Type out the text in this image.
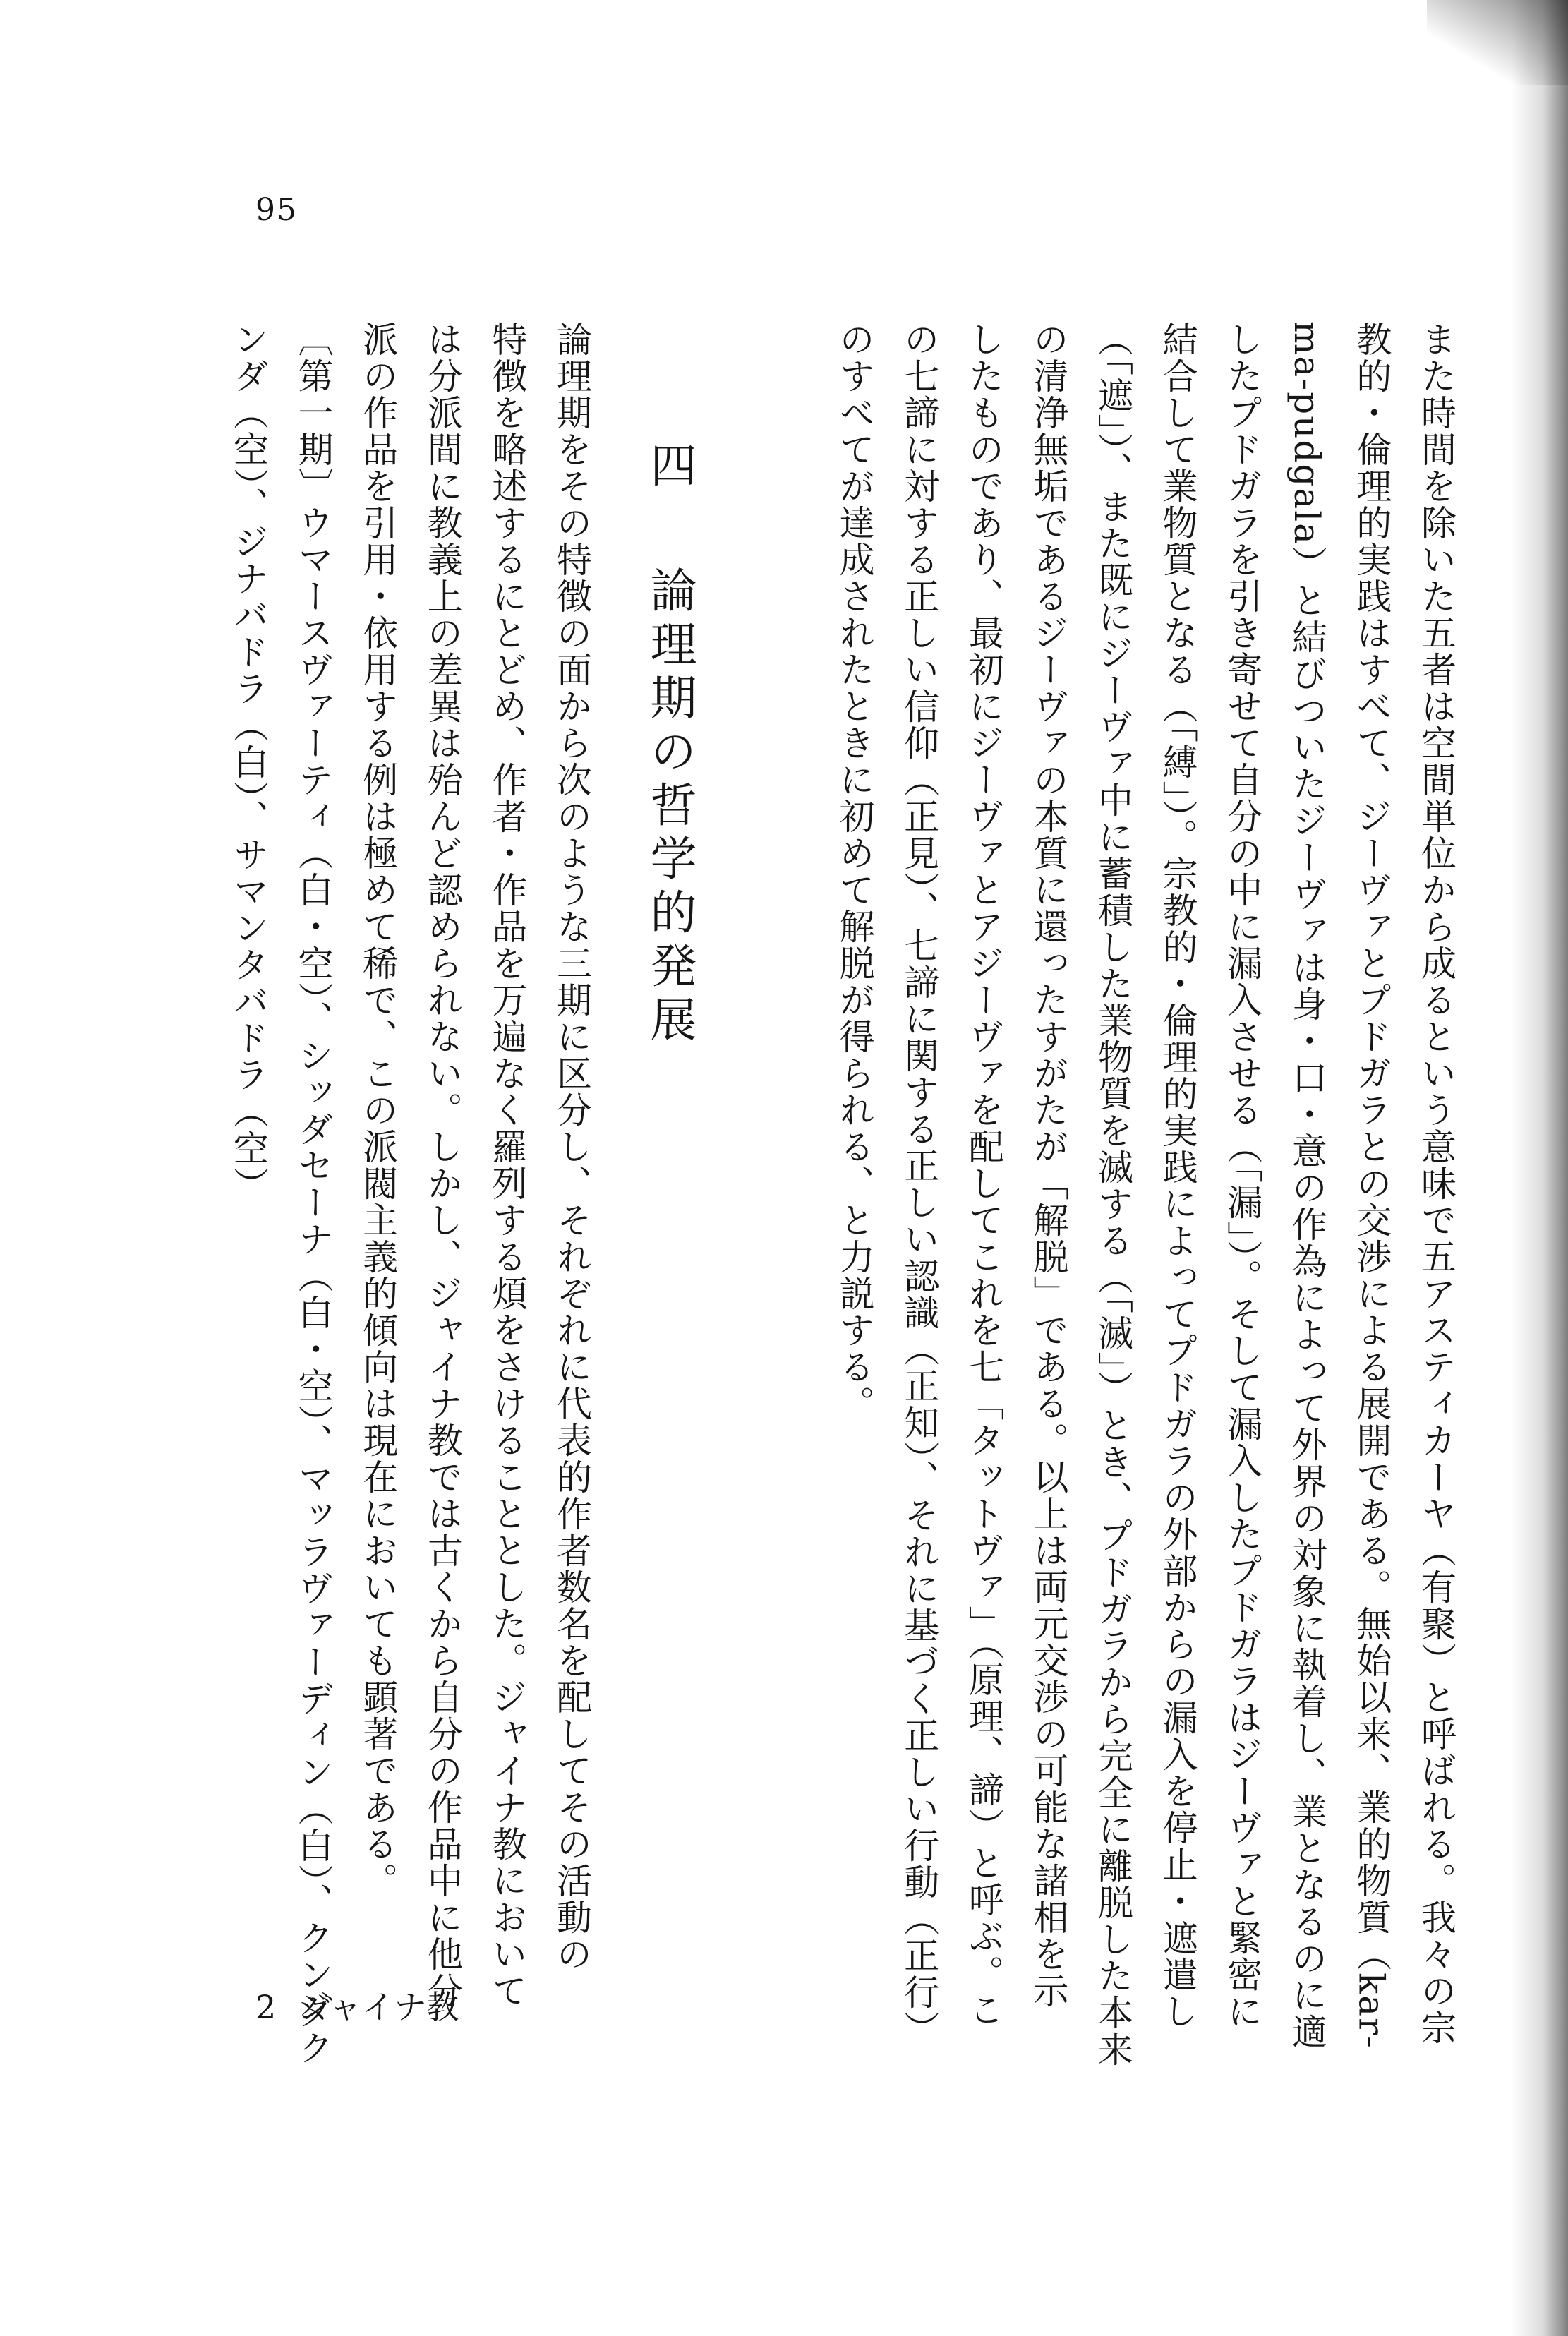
95

また時間を除いた五者は空間単位から成るという意味で五アスティカーヤ（有聚）と呼ばれる。我々の宗
教的・倫理的実践はすべて、ジーヴァとプドガラとの交渉による展開である。無始以来、業的物質（kar-
ma-pudgala）と結びついたジーヴァは身・口・意の作為によって外界の対象に執着し、業となるのに適
したプドガラを引き寄せて自分の中に漏入させる（「漏」）。そして漏入したプドガラはジーヴァと緊密に
結合して業物質となる（「縛」）。宗教的・倫理的実践によってプドガラの外部からの漏入を停止・遮遣し
（「遮」）、また既にジーヴァ中に蓄積した業物質を滅する（「滅」）とき、プドガラから完全に離脱した本来
の清浄無垢であるジーヴァの本質に還ったすがたが「解脱」である。以上は両元交渉の可能な諸相を示
したものであり、最初にジーヴァとアジーヴァを配してこれを七「タットヴァ」（原理、諦）と呼ぶ。こ
の七諦に対する正しい信仰（正見）、七諦に関する正しい認識（正知）、それに基づく正しい行動（正行）
のすべてが達成されたときに初めて解脱が得られる、と力説する。

四 論理期の哲学的発展

論理期をその特徴の面から次のような三期に区分し、それぞれに代表的作者数名を配してその活動の
特徴を略述するにとどめ、作者・作品を万遍なく羅列する煩をさけることとした。ジャイナ教において
は分派間に教義上の差異は殆んど認められない。しかし、ジャイナ教では古くから自分の作品中に他分
派の作品を引用・依用する例は極めて稀で、この派閥主義的傾向は現在においても顕著である。
〔第一期〕ウマースヴァーティ（白・空）、シッダセーナ（白・空）、マッラヴァーディン（白）、クンダク
ンダ（空）、ジナバドラ（白）、サマンタバドラ（空）

2 ジャイナ教
